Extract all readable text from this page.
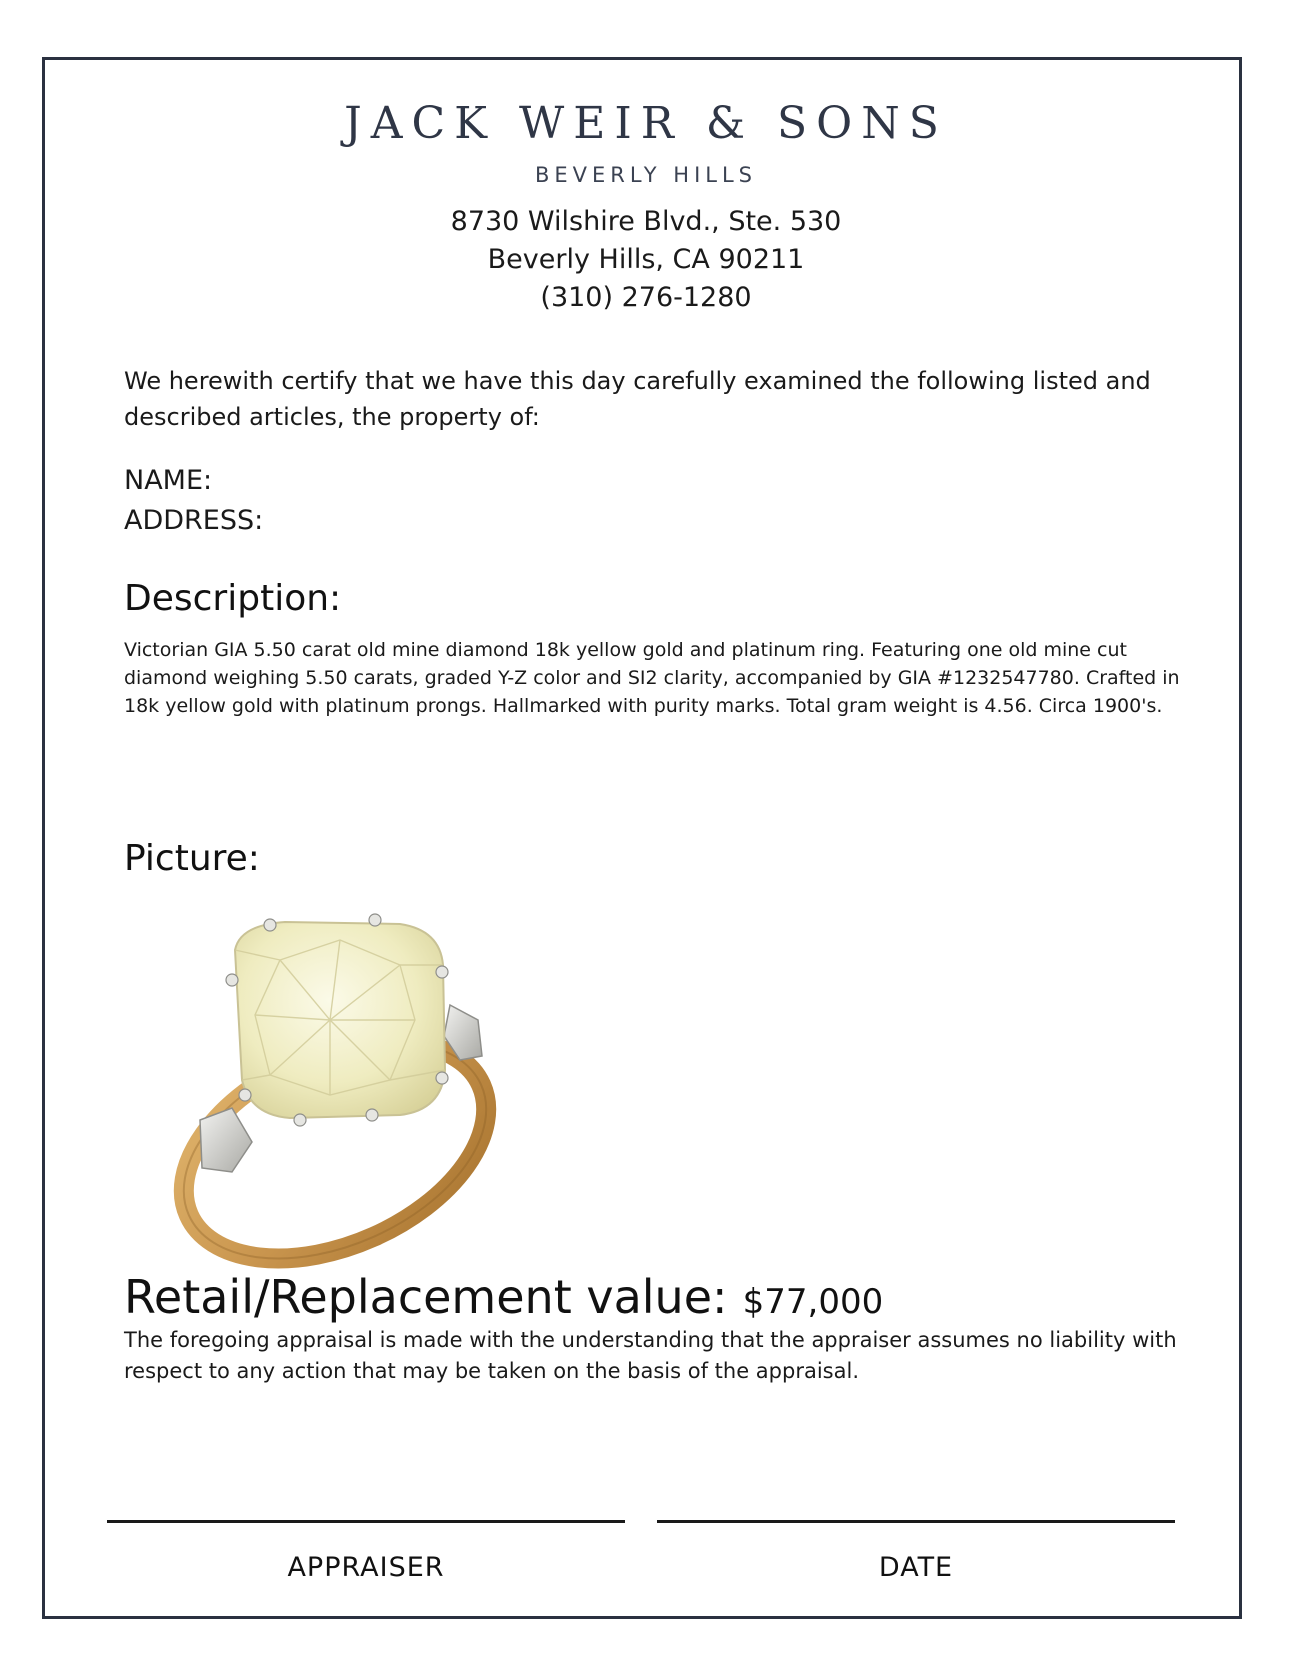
JACK WEIR & SONS
BEVERLY HILLS
8730 Wilshire Blvd., Ste. 530
Beverly Hills, CA 90211
(310) 276-1280
We herewith certify that we have this day carefully examined the following listed and described articles, the property of:
NAME:
ADDRESS:
Description:
Victorian GIA 5.50 carat old mine diamond 18k yellow gold and platinum ring. Featuring one old mine cut diamond weighing 5.50 carats, graded Y-Z color and SI2 clarity, accompanied by GIA #1232547780. Crafted in 18k yellow gold with platinum prongs. Hallmarked with purity marks. Total gram weight is 4.56. Circa 1900's.
Picture:
Retail/Replacement value: $77,000
The foregoing appraisal is made with the understanding that the appraiser assumes no liability with respect to any action that may be taken on the basis of the appraisal.
APPRAISER	DATE
